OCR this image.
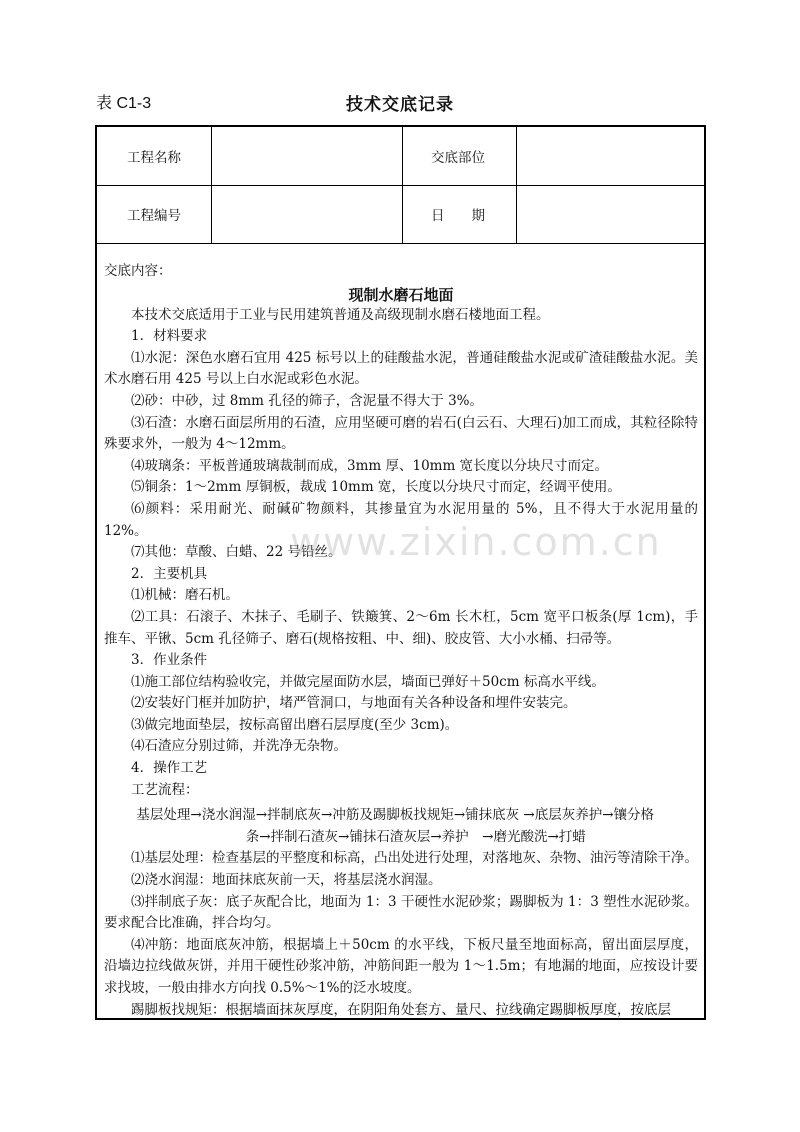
表 C1-3	技术交底记录
工程名称	交底部位
工程编号	日　　期
交底内容：
现制水磨石地面

本技术交底适用于工业与民用建筑普通及高级现制水磨石楼地面工程。

1．材料要求

⑴水泥：深色水磨石宜用 425 标号以上的硅酸盐水泥，普通硅酸盐水泥或矿渣硅酸盐水泥。美术水磨石用 425 号以上白水泥或彩色水泥。

⑵砂：中砂，过 8mm 孔径的筛子，含泥量不得大于 3%。

⑶石渣：水磨石面层所用的石渣，应用坚硬可磨的岩石(白云石、大理石)加工而成，其粒径除特殊要求外，一般为 4～12mm。

⑷玻璃条：平板普通玻璃裁制而成，3mm 厚、10mm 宽长度以分块尺寸而定。

⑸铜条：1～2mm 厚铜板，裁成 10mm 宽，长度以分块尺寸而定，经调平使用。

⑹颜料：采用耐光、耐碱矿物颜料，其掺量宜为水泥用量的 5%，且不得大于水泥用量的 12%。

⑺其他：草酸、白蜡、22 号铅丝。

2．主要机具

⑴机械：磨石机。

⑵工具：石滚子、木抹子、毛刷子、铁簸箕、2～6m 长木杠，5cm 宽平口板条(厚 1cm)，手推车、平锹、5cm 孔径筛子、磨石(规格按粗、中、细)、胶皮管、大小水桶、扫帚等。

3．作业条件

⑴施工部位结构验收完，并做完屋面防水层，墙面已弹好＋50cm 标高水平线。

⑵安装好门框并加防护，堵严管洞口，与地面有关各种设备和埋件安装完。

⑶做完地面垫层，按标高留出磨石层厚度(至少 3cm)。

⑷石渣应分别过筛，并洗净无杂物。

4．操作工艺

工艺流程：

基层处理→浇水润湿→拌制底灰→冲筋及踢脚板找规矩→铺抹底灰 →底层灰养护→镶分格

条→拌制石渣灰→铺抹石渣灰层→养护　→磨光酸洗→打蜡

⑴基层处理：检查基层的平整度和标高，凸出处进行处理，对落地灰、杂物、油污等清除干净。

⑵浇水润湿：地面抹底灰前一天，将基层浇水润湿。

⑶拌制底子灰：底子灰配合比，地面为 1：3 干硬性水泥砂浆；踢脚板为 1：3 塑性水泥砂浆。要求配合比准确，拌合均匀。

⑷冲筋：地面底灰冲筋，根据墙上＋50cm 的水平线，下板尺量至地面标高，留出面层厚度，沿墙边拉线做灰饼，并用干硬性砂浆冲筋，冲筋间距一般为 1～1.5m；有地漏的地面，应按设计要求找坡，一般由排水方向找 0.5%～1%的泛水坡度。

踢脚板找规矩：根据墙面抹灰厚度，在阴阳角处套方、量尺、拉线确定踢脚板厚度，按底层

www.zixin.com.cn
